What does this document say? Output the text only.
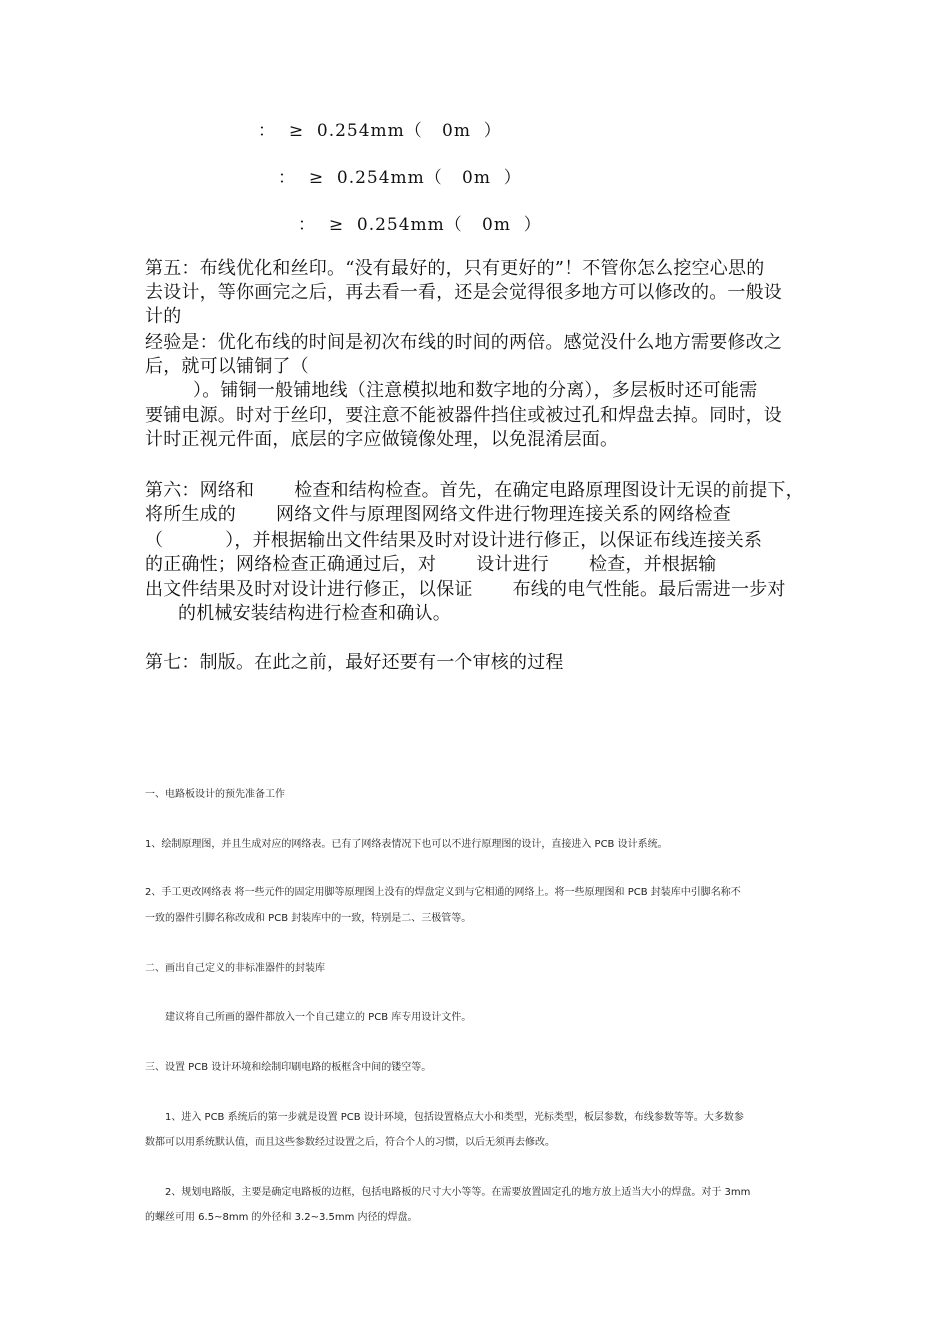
： ≥ 0.254mm（ 0m ）
： ≥ 0.254mm（ 0m ）
： ≥ 0.254mm（ 0m ）
第五：布线优化和丝印。“没有最好的，只有更好的”！不管你怎么挖空心思的
去设计，等你画完之后，再去看一看，还是会觉得很多地方可以修改的。一般设
计的
经验是：优化布线的时间是初次布线的时间的两倍。感觉没什么地方需要修改之
后，就可以铺铜了（
）。铺铜一般铺地线（注意模拟地和数字地的分离），多层板时还可能需
要铺电源。时对于丝印，要注意不能被器件挡住或被过孔和焊盘去掉。同时，设
计时正视元件面，底层的字应做镜像处理，以免混淆层面。
第六：网络和 检查和结构检查。首先，在确定电路原理图设计无误的前提下，
将所生成的 网络文件与原理图网络文件进行物理连接关系的网络检查
（	），并根据输出文件结果及时对设计进行修正，以保证布线连接关系
的正确性；网络检查正确通过后，对 设计进行 检查，并根据输
出文件结果及时对设计进行修正，以保证 布线的电气性能。最后需进一步对
的机械安装结构进行检查和确认。
第七：制版。在此之前，最好还要有一个审核的过程
一、电路板设计的预先准备工作
1、绘制原理图，并且生成对应的网络表。已有了网络表情况下也可以不进行原理图的设计，直接进入 PCB 设计系统。
2、手工更改网络表 将一些元件的固定用脚等原理图上没有的焊盘定义到与它相通的网络上。将一些原理图和 PCB 封装库中引脚名称不
一致的器件引脚名称改成和 PCB 封装库中的一致，特别是二、三极管等。
二、画出自己定义的非标准器件的封装库
建议将自己所画的器件都放入一个自己建立的 PCB 库专用设计文件。
三、设置 PCB 设计环境和绘制印刷电路的板框含中间的镂空等。
1、进入 PCB 系统后的第一步就是设置 PCB 设计环境，包括设置格点大小和类型，光标类型，板层参数，布线参数等等。大多数参
数都可以用系统默认值，而且这些参数经过设置之后，符合个人的习惯，以后无须再去修改。
2、规划电路版，主要是确定电路板的边框，包括电路板的尺寸大小等等。在需要放置固定孔的地方放上适当大小的焊盘。对于 3mm
的螺丝可用 6.5~8mm 的外径和 3.2~3.5mm 内径的焊盘。
